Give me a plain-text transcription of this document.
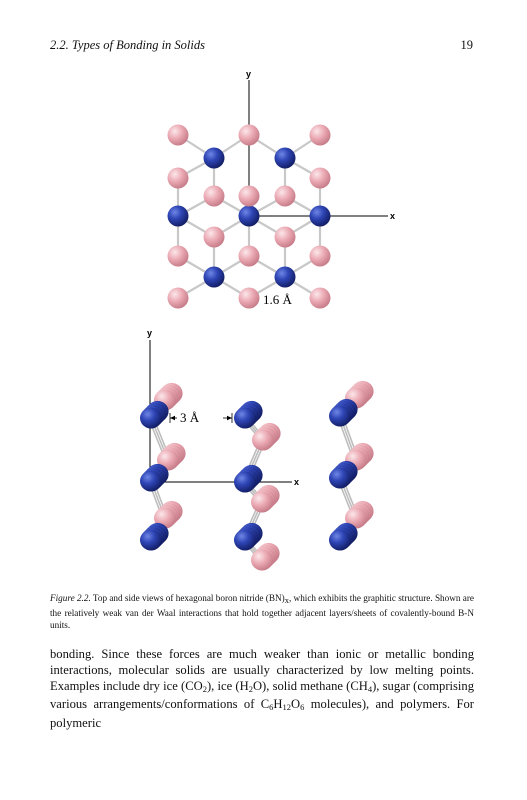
2.2. Types of Bonding in Solids	19
y
x
1.6 Å
y
x
3 Å
Figure 2.2. Top and side views of hexagonal boron nitride (BN)x, which exhibits the graphitic structure. Shown are the relatively weak van der Waal interactions that hold together adjacent layers/sheets of covalently-bound B-N units.
bonding. Since these forces are much weaker than ionic or metallic bonding interactions, molecular solids are usually characterized by low melting points. Examples include dry ice $(CO_2)$, ice $(H_2O)$, solid methane $(CH_4)$, sugar (comprising various arrangements/conformations of $C_6H_{12}O_6$ molecules), and polymers. For polymeric
